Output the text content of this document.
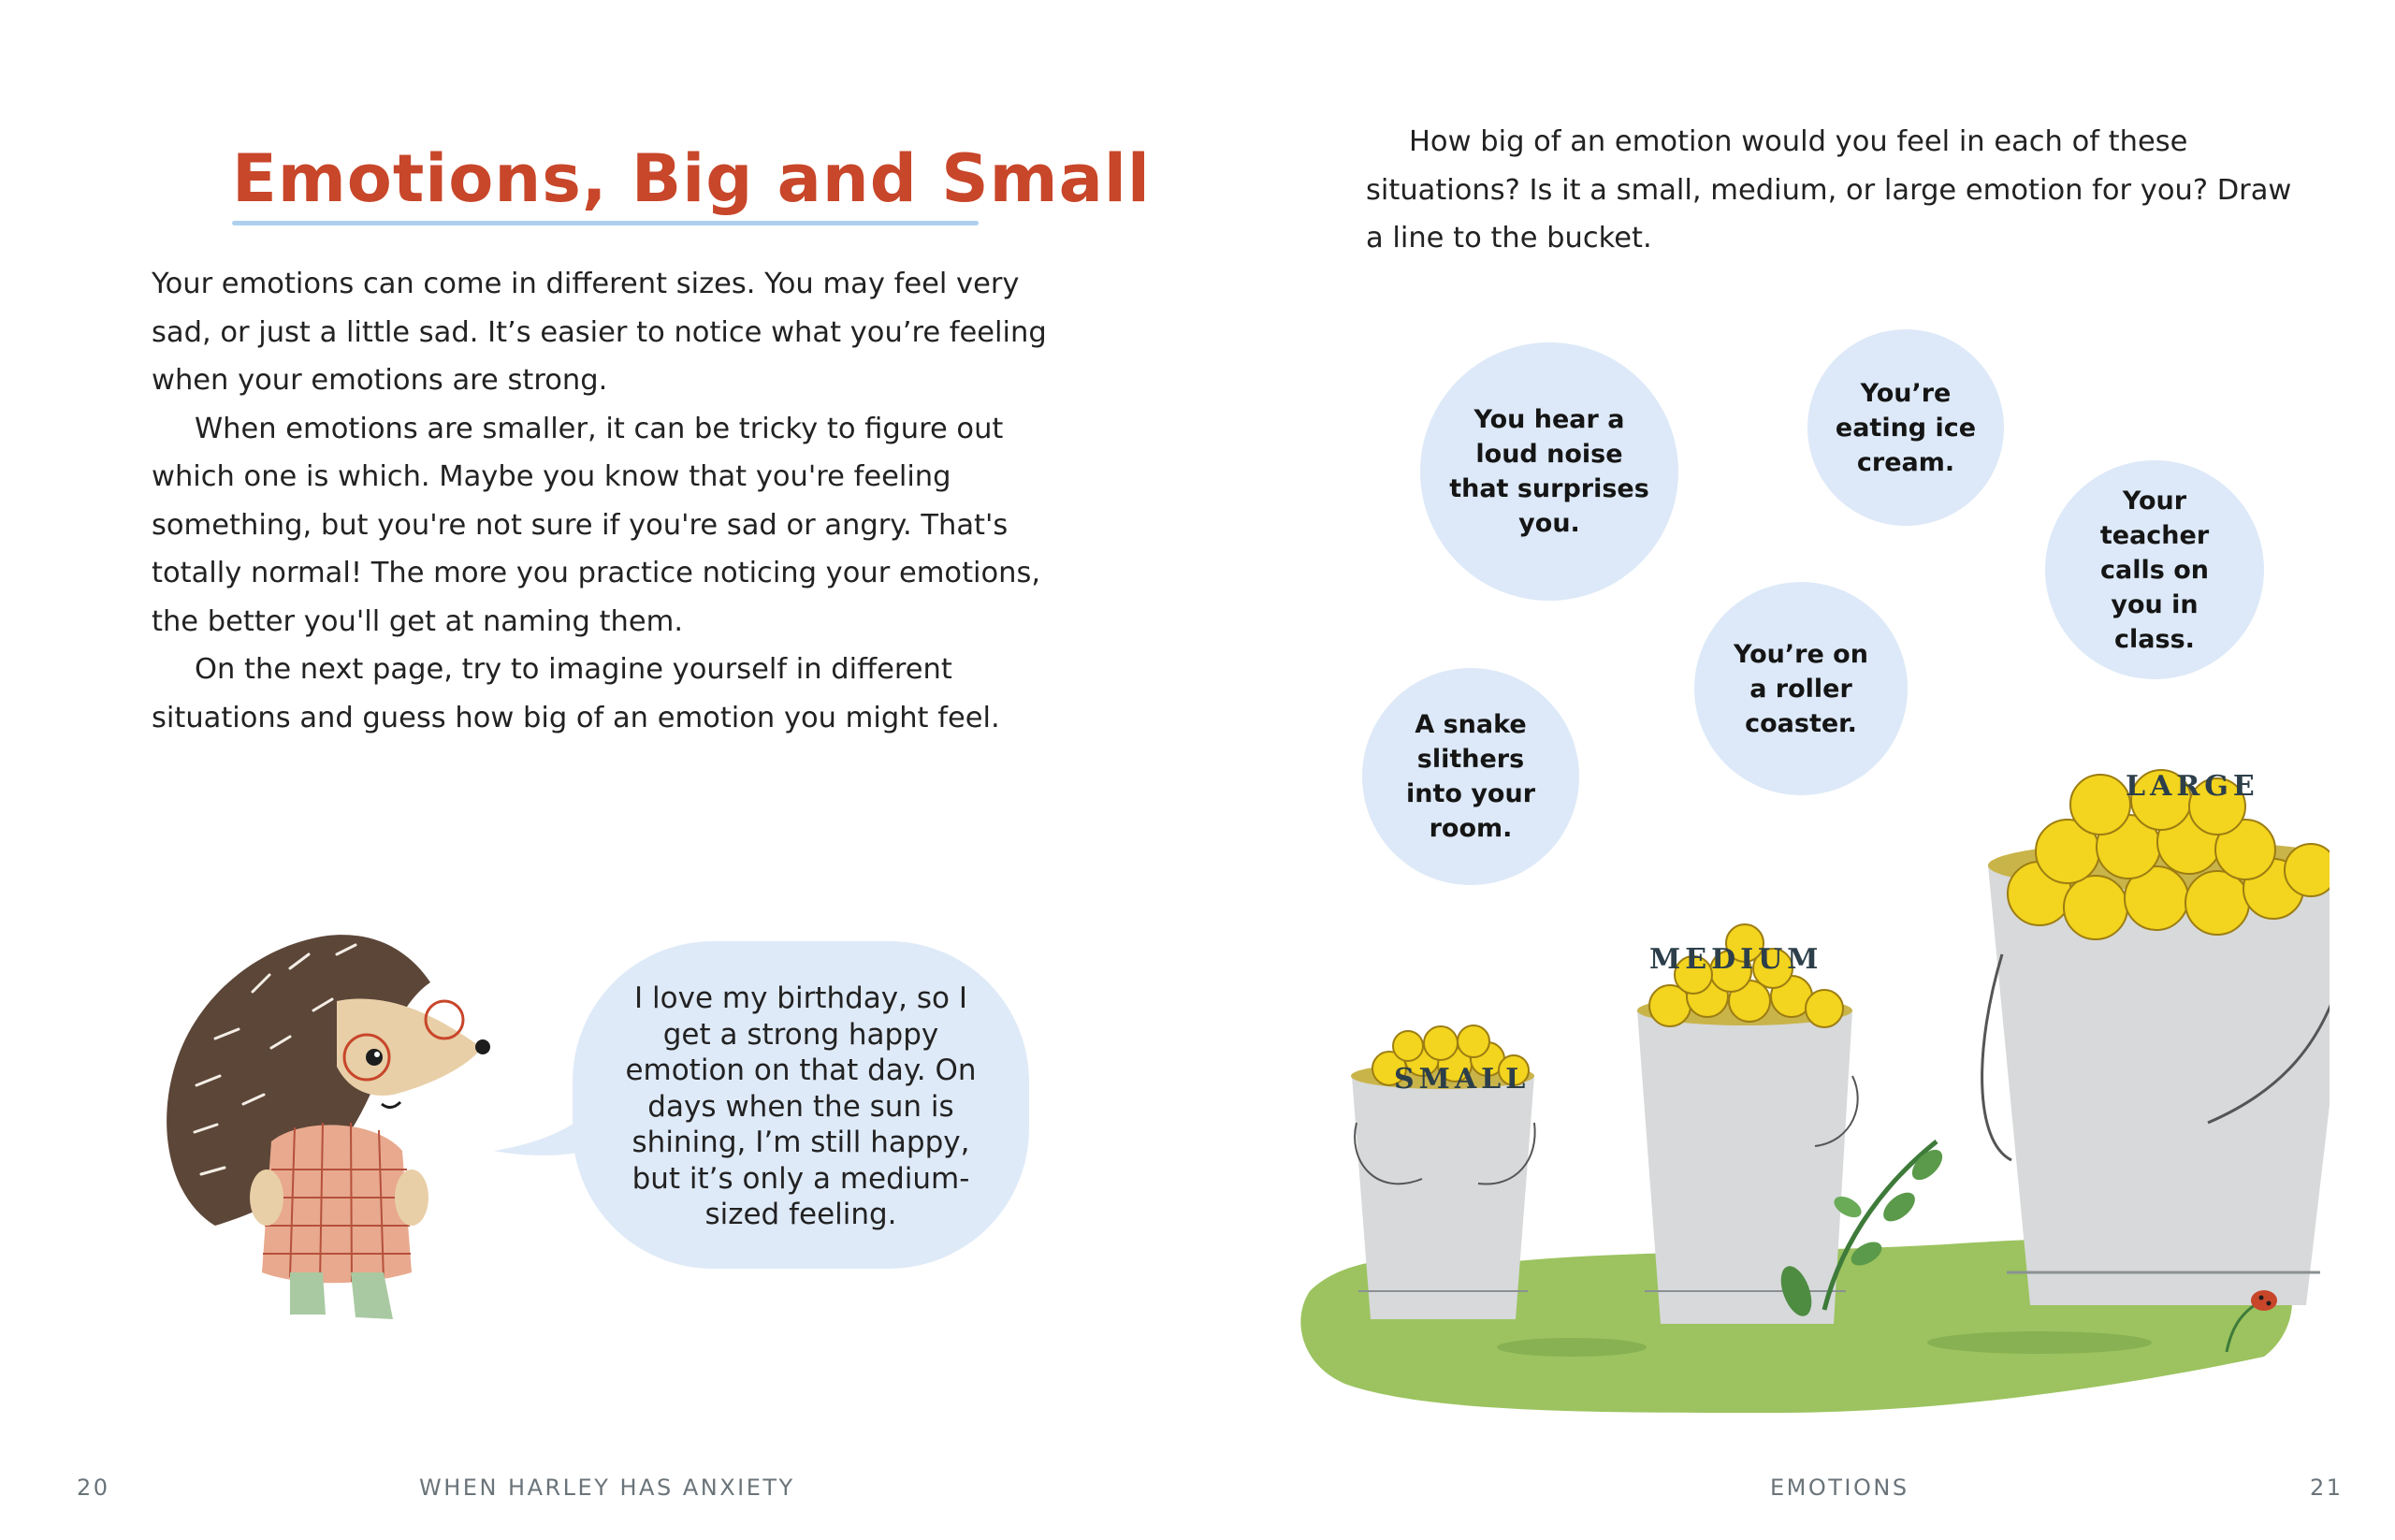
Emotions, Big and Small

Your emotions can come in different sizes. You may feel very sad, or just a little sad. It’s easier to notice what you’re feeling when your emotions are strong.

When emotions are smaller, it can be tricky to figure out which one is which. Maybe you know that you're feeling something, but you're not sure if you're sad or angry. That's totally normal! The more you practice noticing your emotions, the better you'll get at naming them.

On the next page, try to imagine yourself in different situations and guess how big of an emotion you might feel.

I love my birthday, so I get a strong happy emotion on that day. On days when the sun is shining, I’m still happy, but it’s only a medium-sized feeling.
20	WHEN HARLEY HAS ANXIETY

How big of an emotion would you feel in each of these situations? Is it a small, medium, or large emotion for you? Draw a line to the bucket.

You hear a loud noise that surprises you.
You’re eating ice cream.
Your teacher calls on you in class.
You’re on a roller coaster.
A snake slithers into your room.
SMALL
MEDIUM
LARGE
EMOTIONS	21
